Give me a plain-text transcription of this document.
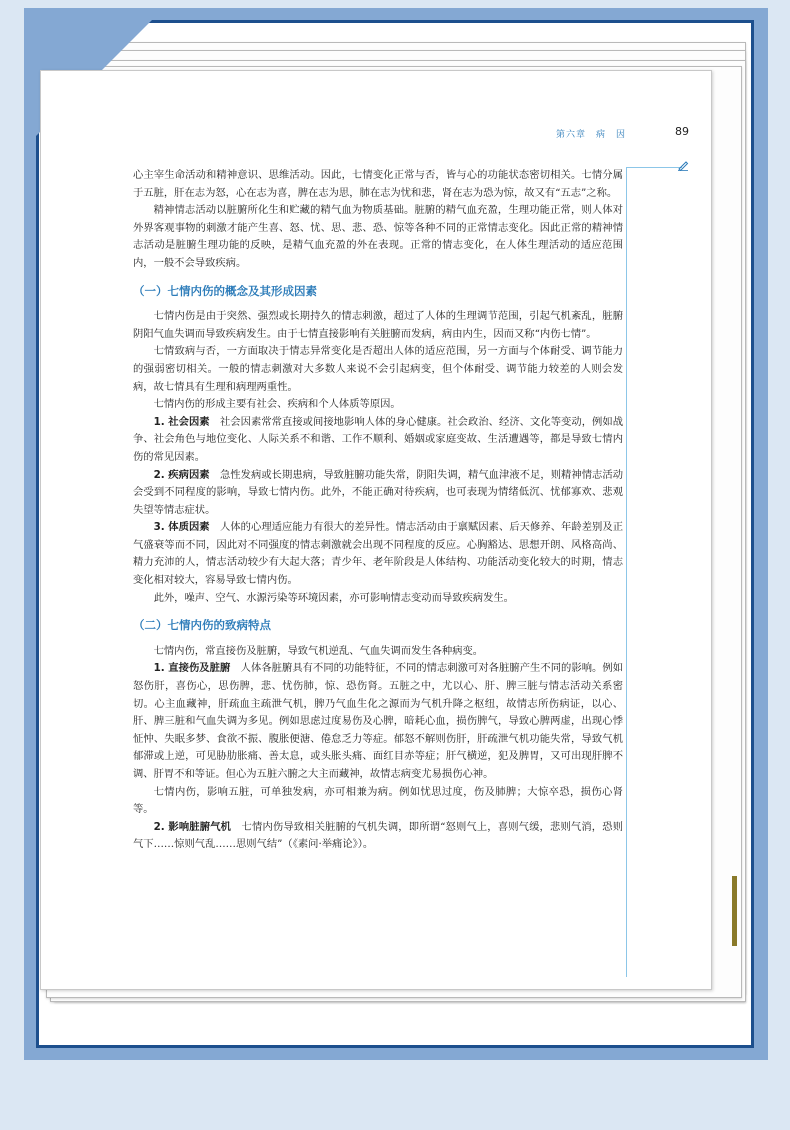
第六章　病　因	89

心主宰生命活动和精神意识、思维活动。因此，七情变化正常与否，皆与心的功能状态密切相关。七情分属于五脏，肝在志为怒，心在志为喜，脾在志为思，肺在志为忧和悲，肾在志为恐为惊，故又有“五志”之称。

精神情志活动以脏腑所化生和贮藏的精气血为物质基础。脏腑的精气血充盈，生理功能正常，则人体对外界客观事物的刺激才能产生喜、怒、忧、思、悲、恐、惊等各种不同的正常情志变化。因此正常的精神情志活动是脏腑生理功能的反映，是精气血充盈的外在表现。正常的情志变化，在人体生理活动的适应范围内，一般不会导致疾病。

（一）七情内伤的概念及其形成因素

七情内伤是由于突然、强烈或长期持久的情志刺激，超过了人体的生理调节范围，引起气机紊乱，脏腑阴阳气血失调而导致疾病发生。由于七情直接影响有关脏腑而发病，病由内生，因而又称“内伤七情”。

七情致病与否，一方面取决于情志异常变化是否超出人体的适应范围，另一方面与个体耐受、调节能力的强弱密切相关。一般的情志刺激对大多数人来说不会引起病变，但个体耐受、调节能力较差的人则会发病，故七情具有生理和病理两重性。

七情内伤的形成主要有社会、疾病和个人体质等原因。

1. 社会因素　社会因素常常直接或间接地影响人体的身心健康。社会政治、经济、文化等变动，例如战争、社会角色与地位变化、人际关系不和谐、工作不顺利、婚姻或家庭变故、生活遭遇等，都是导致七情内伤的常见因素。

2. 疾病因素　急性发病或长期患病，导致脏腑功能失常，阴阳失调，精气血津液不足，则精神情志活动会受到不同程度的影响，导致七情内伤。此外，不能正确对待疾病，也可表现为情绪低沉、忧郁寡欢、悲观失望等情志症状。

3. 体质因素　人体的心理适应能力有很大的差异性。情志活动由于禀赋因素、后天修养、年龄差别及正气盛衰等而不同，因此对不同强度的情志刺激就会出现不同程度的反应。心胸豁达、思想开朗、风格高尚、精力充沛的人，情志活动较少有大起大落；青少年、老年阶段是人体结构、功能活动变化较大的时期，情志变化相对较大，容易导致七情内伤。

此外，噪声、空气、水源污染等环境因素，亦可影响情志变动而导致疾病发生。

（二）七情内伤的致病特点

七情内伤，常直接伤及脏腑，导致气机逆乱、气血失调而发生各种病变。

1. 直接伤及脏腑　人体各脏腑具有不同的功能特征，不同的情志刺激可对各脏腑产生不同的影响。例如怒伤肝，喜伤心，思伤脾，悲、忧伤肺，惊、恐伤肾。五脏之中，尤以心、肝、脾三脏与情志活动关系密切。心主血藏神，肝疏血主疏泄气机，脾乃气血生化之源而为气机升降之枢纽，故情志所伤病证，以心、肝、脾三脏和气血失调为多见。例如思虑过度易伤及心脾，暗耗心血，损伤脾气，导致心脾两虚，出现心悸怔忡、失眠多梦、食欲不振、腹胀便溏、倦怠乏力等症。郁怒不解则伤肝，肝疏泄气机功能失常，导致气机郁滞或上逆，可见胁肋胀痛、善太息，或头胀头痛、面红目赤等症；肝气横逆，犯及脾胃，又可出现肝脾不调、肝胃不和等证。但心为五脏六腑之大主而藏神，故情志病变尤易损伤心神。

七情内伤，影响五脏，可单独发病，亦可相兼为病。例如忧思过度，伤及肺脾；大惊卒恐，损伤心肾等。

2. 影响脏腑气机　七情内伤导致相关脏腑的气机失调，即所谓“怒则气上，喜则气缓，悲则气消，恐则气下……惊则气乱……思则气结”（《素问·举痛论》）。
